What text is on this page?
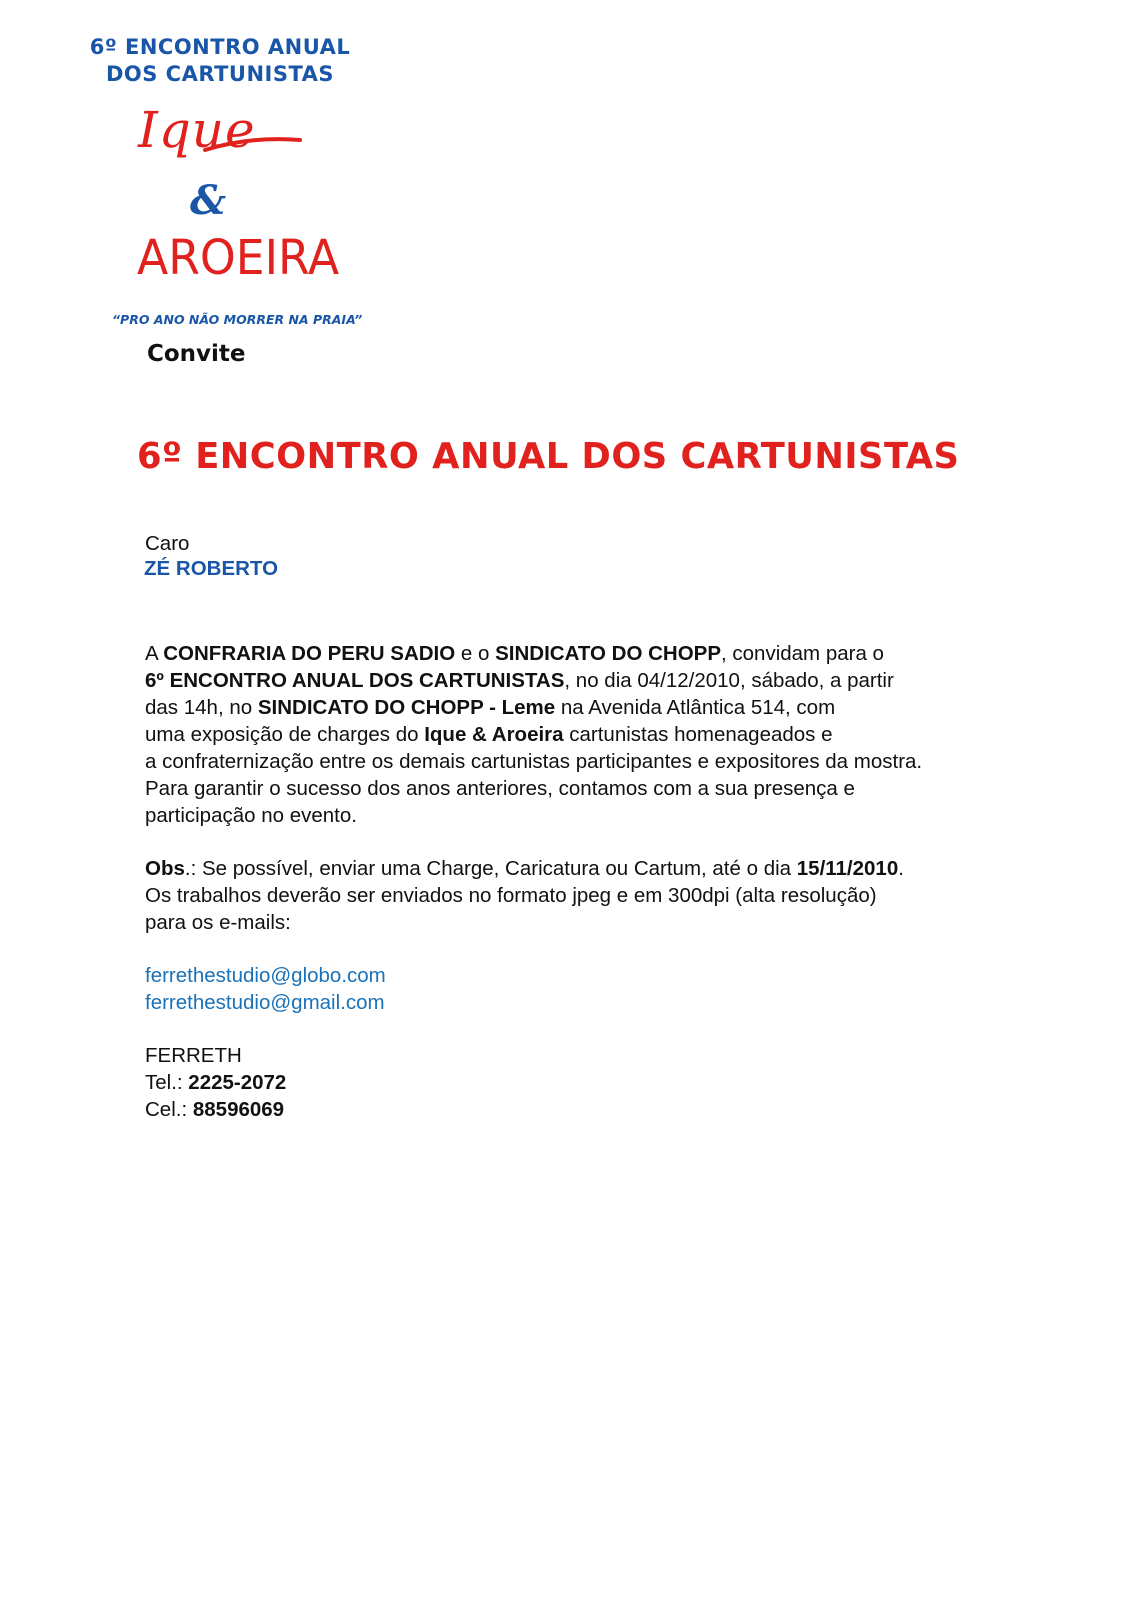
6º ENCONTRO ANUAL
DOS CARTUNISTAS
Ique
&
AROEIRA
“PRO ANO NÃO MORRER NA PRAIA”
Convite
6º ENCONTRO ANUAL DOS CARTUNISTAS
Caro
ZÉ ROBERTO

A CONFRARIA DO PERU SADIO e o SINDICATO DO CHOPP, convidam para o

6º ENCONTRO ANUAL DOS CARTUNISTAS, no dia 04/12/2010, sábado, a partir

das 14h, no SINDICATO DO CHOPP - Leme na Avenida Atlântica 514, com

uma exposição de charges do Ique & Aroeira cartunistas homenageados e

a confraternização entre os demais cartunistas participantes e expositores da mostra.

Para garantir o sucesso dos anos anteriores, contamos com a sua presença e

participação no evento.

Obs.: Se possível, enviar uma Charge, Caricatura ou Cartum, até o dia 15/11/2010.

Os trabalhos deverão ser enviados no formato jpeg e em 300dpi (alta resolução)

para os e-mails:

ferrethestudio@globo.com
ferrethestudio@gmail.com

FERRETH

Tel.: 2225-2072

Cel.: 88596069
